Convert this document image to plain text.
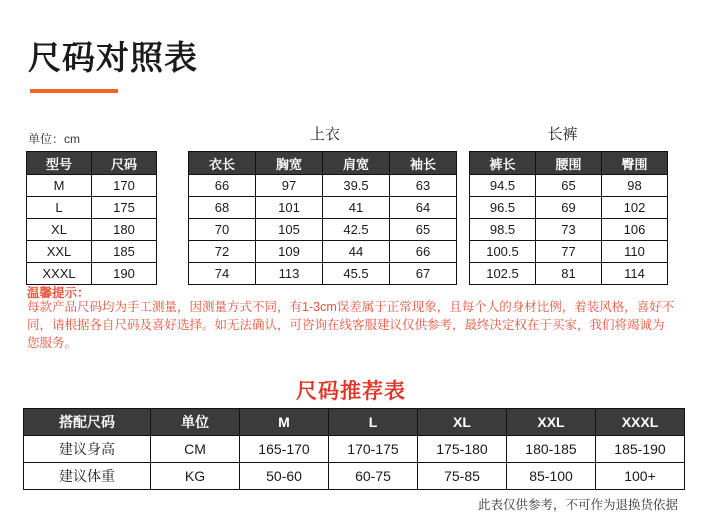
尺码对照表
单位：cm	上衣	长裤
型号	尺码
M	170
L	175
XL	180
XXL	185
XXXL	190
衣长	胸宽	肩宽	袖长
66	97	39.5	63
68	101	41	64
70	105	42.5	65
72	109	44	66
74	113	45.5	67
裤长	腰围	臀围
94.5	65	98
96.5	69	102
98.5	73	106
100.5	77	110
102.5	81	114
温馨提示：
每款产品尺码均为手工测量，因测量方式不同，有1-3cm误差属于正常现象，且每个人的身材比例，着装风格，喜好不同，请根据各自尺码及喜好选择。如无法确认，可咨询在线客服建议仅供参考，最终决定权在于买家，我们将竭诚为您服务。
尺码推荐表
搭配尺码	单位	M	L	XL	XXL	XXXL
建议身高	CM	165-170	170-175	175-180	180-185	185-190
建议体重	KG	50-60	60-75	75-85	85-100	100+
此表仅供参考，不可作为退换货依据
